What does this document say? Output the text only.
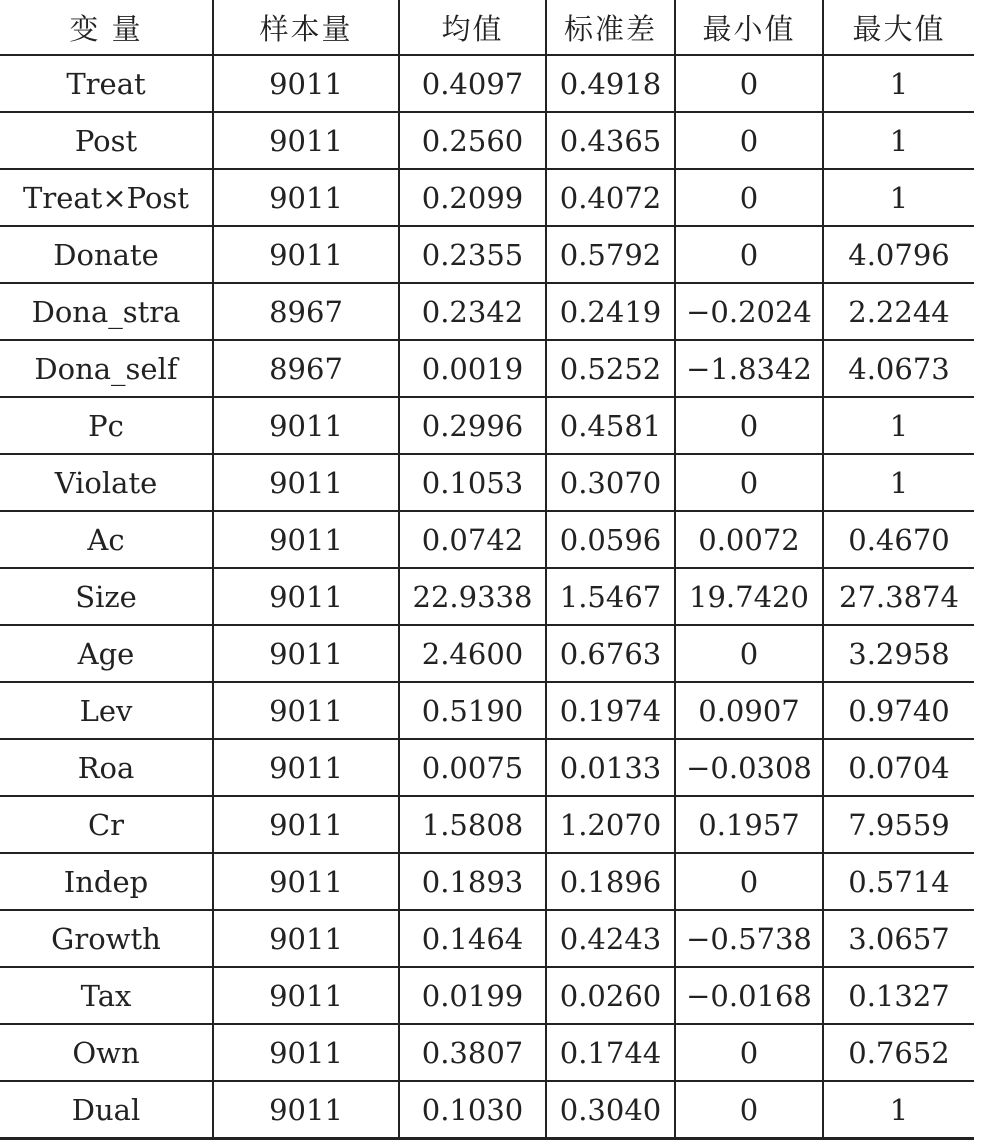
变 量	样本量	均值	标准差	最小值	最大值
Treat	9011	0.4097	0.4918	0	1
Post	9011	0.2560	0.4365	0	1
Treat×Post	9011	0.2099	0.4072	0	1
Donate	9011	0.2355	0.5792	0	4.0796
Dona_stra	8967	0.2342	0.2419	−0.2024	2.2244
Dona_self	8967	0.0019	0.5252	−1.8342	4.0673
Pc	9011	0.2996	0.4581	0	1
Violate	9011	0.1053	0.3070	0	1
Ac	9011	0.0742	0.0596	0.0072	0.4670
Size	9011	22.9338	1.5467	19.7420	27.3874
Age	9011	2.4600	0.6763	0	3.2958
Lev	9011	0.5190	0.1974	0.0907	0.9740
Roa	9011	0.0075	0.0133	−0.0308	0.0704
Cr	9011	1.5808	1.2070	0.1957	7.9559
Indep	9011	0.1893	0.1896	0	0.5714
Growth	9011	0.1464	0.4243	−0.5738	3.0657
Tax	9011	0.0199	0.0260	−0.0168	0.1327
Own	9011	0.3807	0.1744	0	0.7652
Dual	9011	0.1030	0.3040	0	1
